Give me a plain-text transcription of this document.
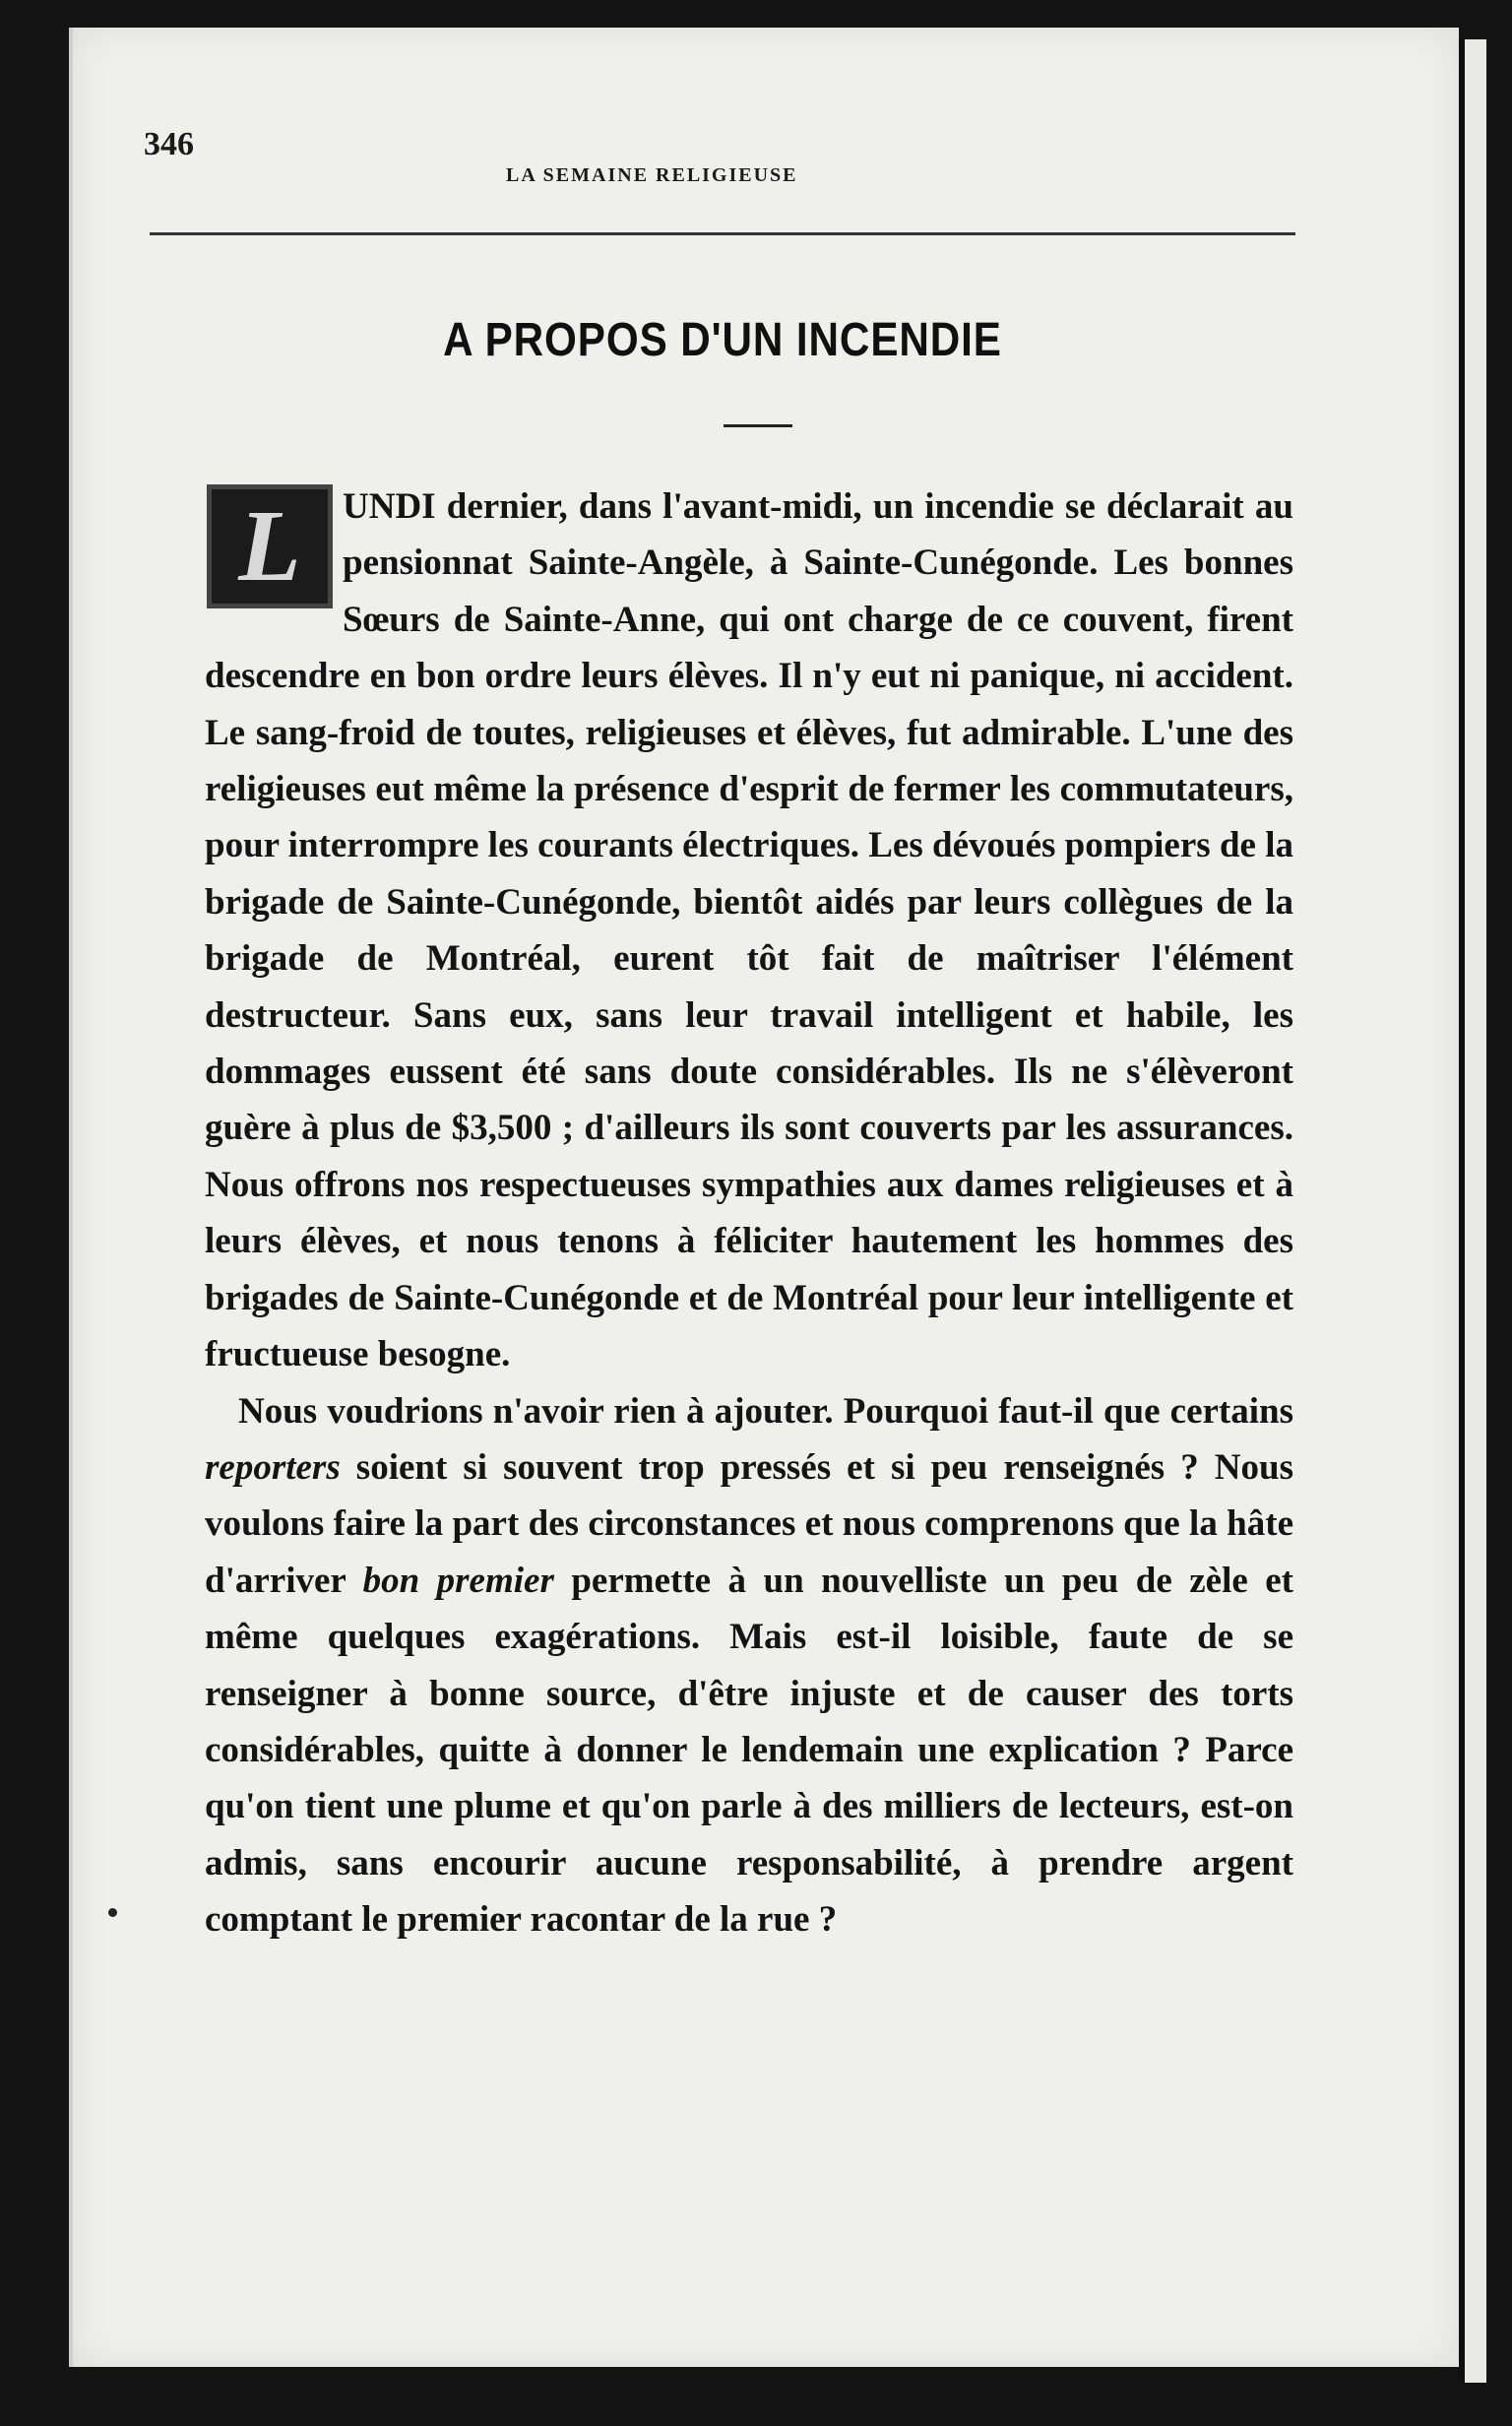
346

LA SEMAINE RELIGIEUSE

A PROPOS D'UN INCENDIE
L	UNDI dernier, dans l'avant-midi, un incendie se déclarait au pensionnat Sainte-Angèle, à Sainte-Cunégonde. Les bonnes Sœurs de Sainte-Anne, qui ont charge de ce couvent, firent descendre en bon ordre leurs élèves. Il n'y eut ni panique, ni accident. Le sang-froid de toutes, religieuses et élèves, fut admirable. L'une des religieuses eut même la présence d'esprit de fermer les commutateurs, pour interrompre les courants électriques. Les dévoués pompiers de la brigade de Sainte-Cunégonde, bientôt aidés par leurs collègues de la brigade de Montréal, eurent tôt fait de maîtriser l'élément destructeur. Sans eux, sans leur travail intelligent et habile, les dommages eussent été sans doute considérables. Ils ne s'élèveront guère à plus de $3,500 ; d'ailleurs ils sont couverts par les assurances. Nous offrons nos respectueuses sympathies aux dames religieuses et à leurs élèves, et nous tenons à féliciter hautement les hommes des brigades de Sainte-Cunégonde et de Montréal pour leur intelligente et fructueuse besogne.

Nous voudrions n'avoir rien à ajouter. Pourquoi faut-il que certains reporters soient si souvent trop pressés et si peu renseignés ? Nous voulons faire la part des circonstances et nous comprenons que la hâte d'arriver bon premier permette à un nouvelliste un peu de zèle et même quelques exagérations. Mais est-il loisible, faute de se renseigner à bonne source, d'être injuste et de causer des torts considérables, quitte à donner le lendemain une explication ? Parce qu'on tient une plume et qu'on parle à des milliers de lecteurs, est-on admis, sans encourir aucune responsabilité, à prendre argent comptant le premier racontar de la rue ?
